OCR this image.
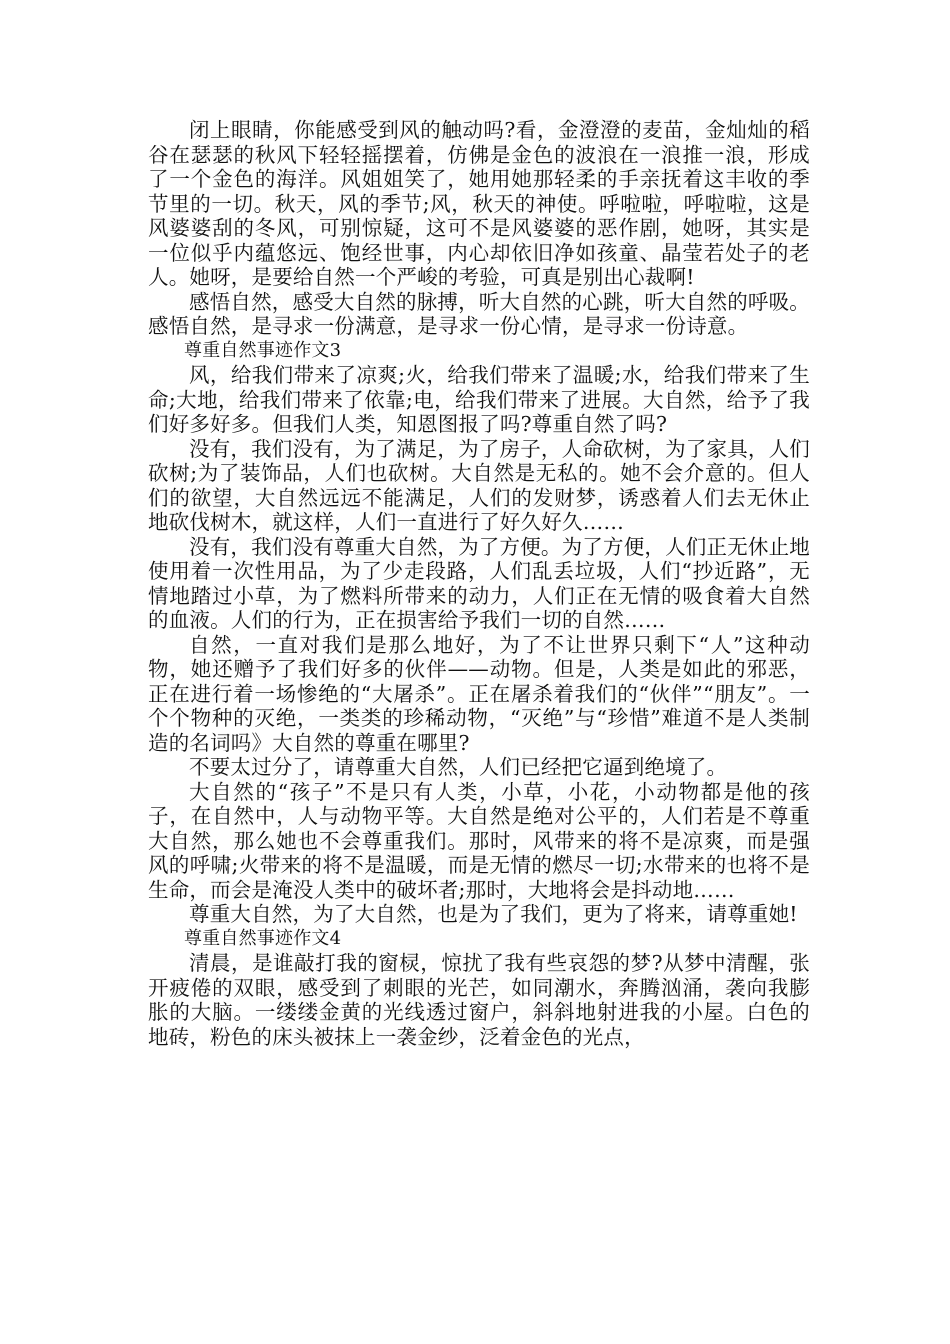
闭上眼睛，你能感受到风的触动吗?看，金澄澄的麦苗，金灿灿的稻谷在瑟瑟的秋风下轻轻摇摆着，仿佛是金色的波浪在一浪推一浪，形成了一个金色的海洋。风姐姐笑了，她用她那轻柔的手亲抚着这丰收的季节里的一切。秋天，风的季节;风，秋天的神使。呼啦啦，呼啦啦，这是风婆婆刮的冬风，可别惊疑，这可不是风婆婆的恶作剧，她呀，其实是一位似乎内蕴悠远、饱经世事，内心却依旧净如孩童、晶莹若处子的老人。她呀，是要给自然一个严峻的考验，可真是别出心裁啊!

感悟自然，感受大自然的脉搏，听大自然的心跳，听大自然的呼吸。感悟自然，是寻求一份满意，是寻求一份心情，是寻求一份诗意。

尊重自然事迹作文3

风，给我们带来了凉爽;火，给我们带来了温暖;水，给我们带来了生命;大地，给我们带来了依靠;电，给我们带来了进展。大自然，给予了我们好多好多。但我们人类，知恩图报了吗?尊重自然了吗?

没有，我们没有，为了满足，为了房子，人命砍树，为了家具，人们砍树;为了装饰品，人们也砍树。大自然是无私的。她不会介意的。但人们的欲望，大自然远远不能满足，人们的发财梦，诱惑着人们去无休止地砍伐树木，就这样，人们一直进行了好久好久……

没有，我们没有尊重大自然，为了方便。为了方便，人们正无休止地使用着一次性用品，为了少走段路，人们乱丢垃圾，人们“抄近路”，无情地踏过小草，为了燃料所带来的动力，人们正在无情的吸食着大自然的血液。人们的行为，正在损害给予我们一切的自然……

自然，一直对我们是那么地好，为了不让世界只剩下“人”这种动物，她还赠予了我们好多的伙伴——动物。但是，人类是如此的邪恶，正在进行着一场惨绝的“大屠杀”。正在屠杀着我们的“伙伴”“朋友”。一个个物种的灭绝，一类类的珍稀动物，“灭绝”与“珍惜”难道不是人类制造的名词吗》大自然的尊重在哪里?

不要太过分了，请尊重大自然，人们已经把它逼到绝境了。

大自然的“孩子”不是只有人类，小草，小花，小动物都是他的孩子，在自然中，人与动物平等。大自然是绝对公平的，人们若是不尊重大自然，那么她也不会尊重我们。那时，风带来的将不是凉爽，而是强风的呼啸;火带来的将不是温暖，而是无情的燃尽一切;水带来的也将不是生命，而会是淹没人类中的破坏者;那时，大地将会是抖动地……

尊重大自然，为了大自然，也是为了我们，更为了将来，请尊重她!

尊重自然事迹作文4

清晨，是谁敲打我的窗棂，惊扰了我有些哀怨的梦?从梦中清醒，张开疲倦的双眼，感受到了刺眼的光芒，如同潮水，奔腾汹涌，袭向我膨胀的大脑。一缕缕金黄的光线透过窗户，斜斜地射进我的小屋。白色的地砖，粉色的床头被抹上一袭金纱，泛着金色的光点，
